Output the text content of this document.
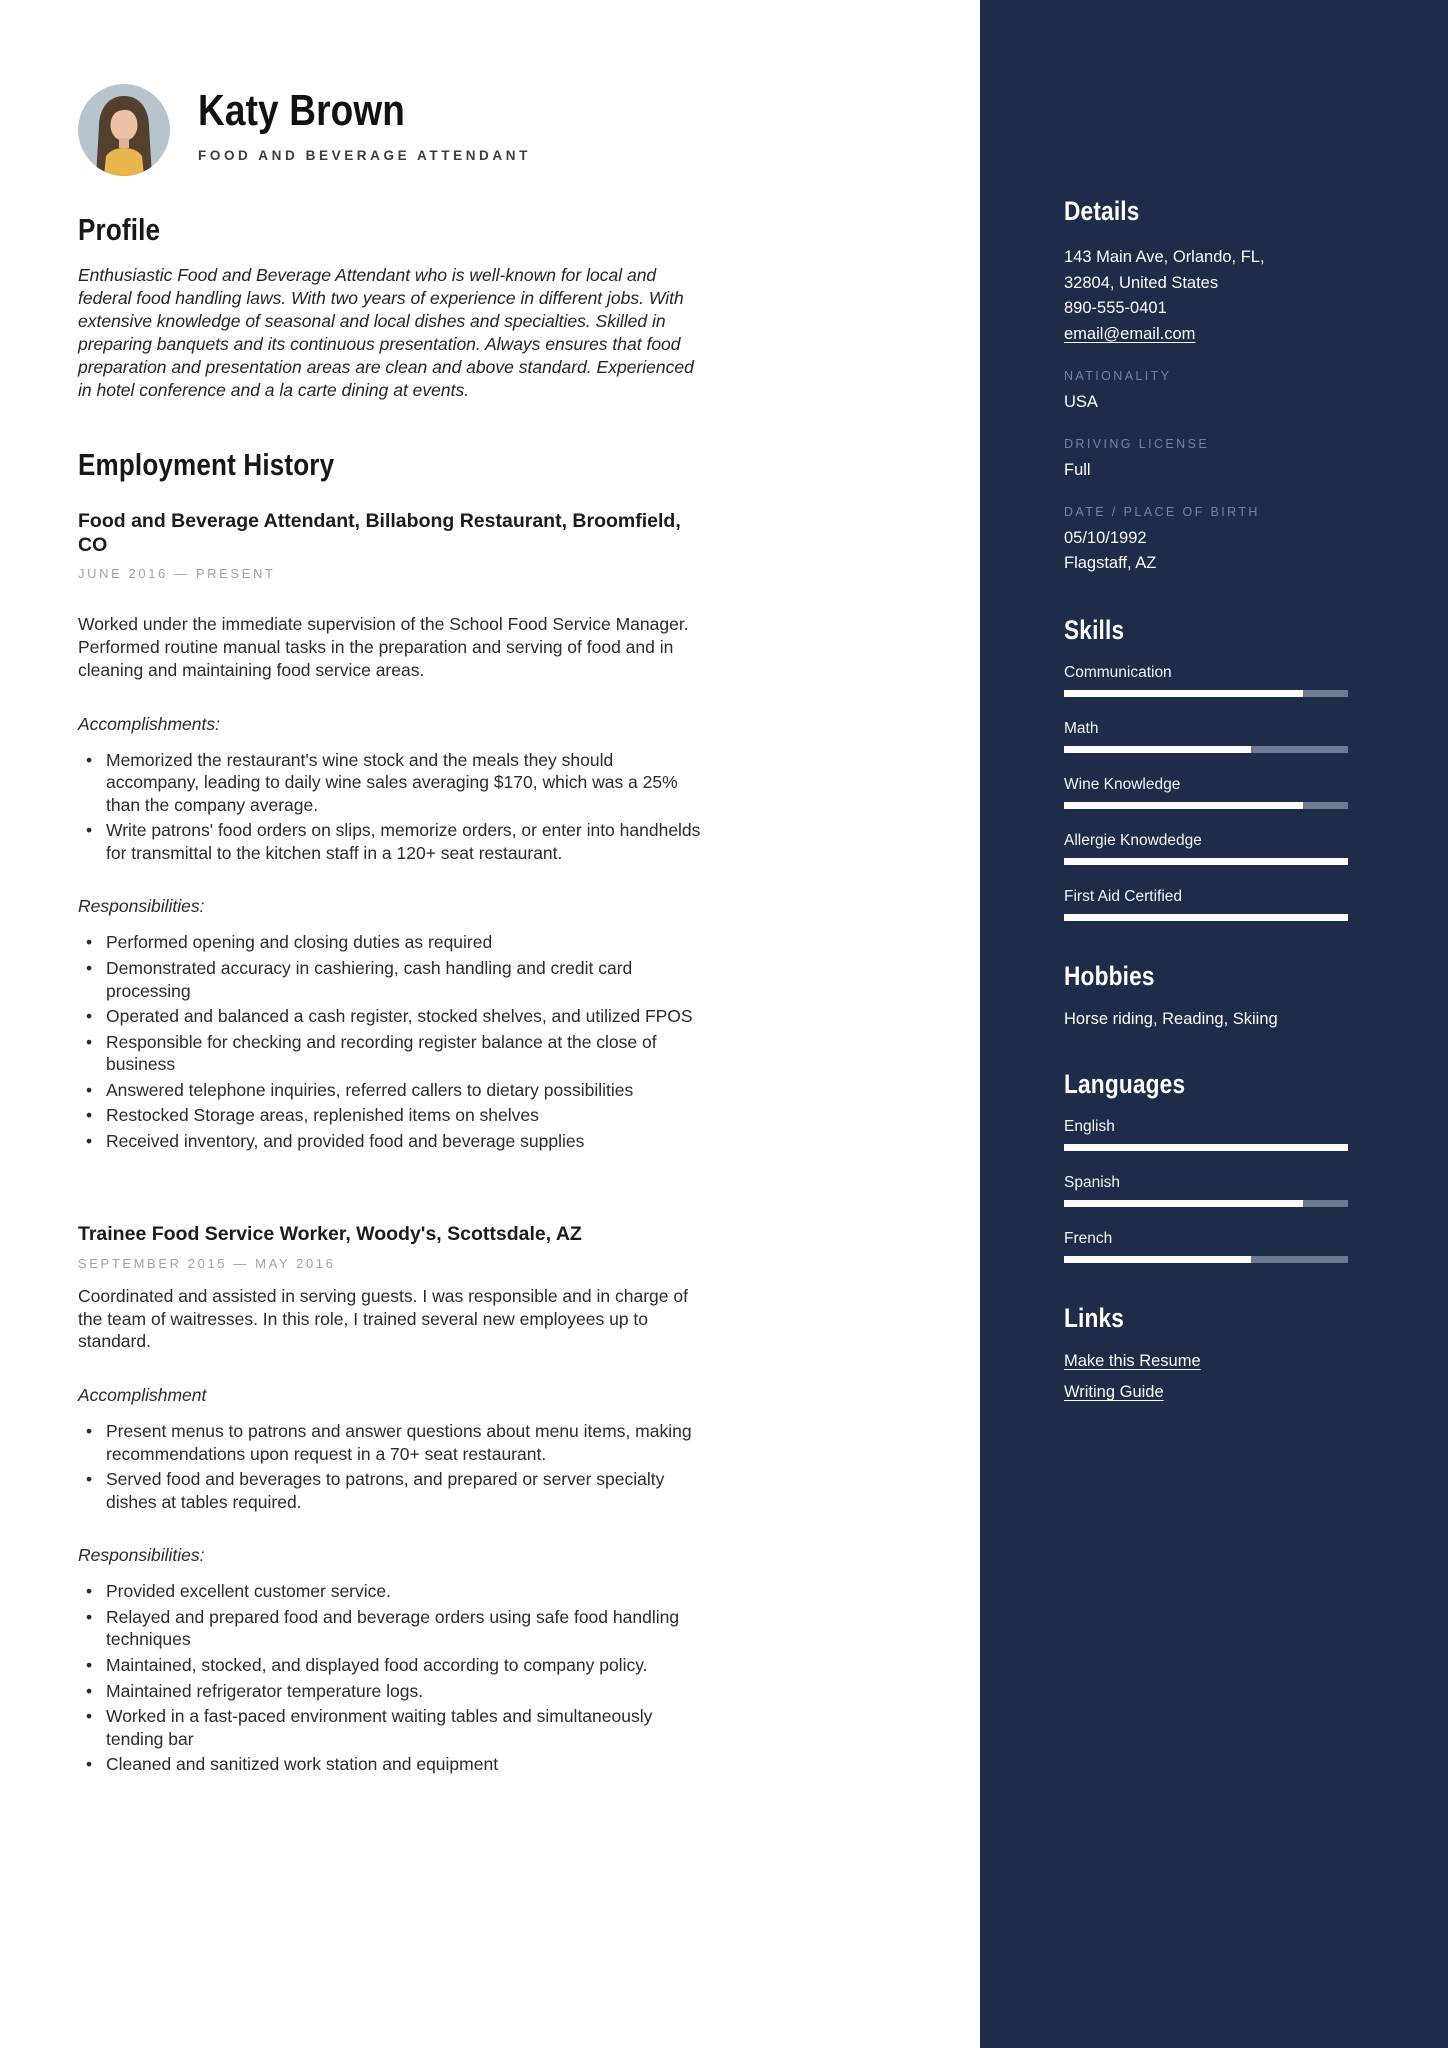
Katy Brown
FOOD AND BEVERAGE ATTENDANT
Profile

Enthusiastic Food and Beverage Attendant who is well-known for local and federal food handling laws. With two years of experience in different jobs. With extensive knowledge of seasonal and local dishes and specialties. Skilled in preparing banquets and its continuous presentation. Always ensures that food preparation and presentation areas are clean and above standard. Experienced in hotel conference and a la carte dining at events.

Employment History
Food and Beverage Attendant, Billabong Restaurant, Broomfield, CO
JUNE 2016 — PRESENT

Worked under the immediate supervision of the School Food Service Manager. Performed routine manual tasks in the preparation and serving of food and in cleaning and maintaining food service areas.

Accomplishments:
• Memorized the restaurant's wine stock and the meals they should accompany, leading to daily wine sales averaging $170, which was a 25% than the company average.
• Write patrons' food orders on slips, memorize orders, or enter into handhelds for transmittal to the kitchen staff in a 120+ seat restaurant.
Responsibilities:
• Performed opening and closing duties as required
• Demonstrated accuracy in cashiering, cash handling and credit card processing
• Operated and balanced a cash register, stocked shelves, and utilized FPOS
• Responsible for checking and recording register balance at the close of business
• Answered telephone inquiries, referred callers to dietary possibilities
• Restocked Storage areas, replenished items on shelves
• Received inventory, and provided food and beverage supplies
Trainee Food Service Worker, Woody's, Scottsdale, AZ
SEPTEMBER 2015 — MAY 2016

Coordinated and assisted in serving guests. I was responsible and in charge of the team of waitresses. In this role, I trained several new employees up to standard.

Accomplishment
• Present menus to patrons and answer questions about menu items, making recommendations upon request in a 70+ seat restaurant.
• Served food and beverages to patrons, and prepared or server specialty dishes at tables required.
Responsibilities:
• Provided excellent customer service.
• Relayed and prepared food and beverage orders using safe food handling techniques
• Maintained, stocked, and displayed food according to company policy.
• Maintained refrigerator temperature logs.
• Worked in a fast-paced environment waiting tables and simultaneously tending bar
• Cleaned and sanitized work station and equipment
Details
143 Main Ave, Orlando, FL,
32804, United States
890-555-0401
email@email.com
NATIONALITY
USA
DRIVING LICENSE
Full
DATE / PLACE OF BIRTH
05/10/1992
Flagstaff, AZ
Skills
Communication
Math
Wine Knowledge
Allergie Knowdedge
First Aid Certified
Hobbies
Horse riding, Reading, Skiing
Languages
English
Spanish
French
Links
Make this Resume
Writing Guide
